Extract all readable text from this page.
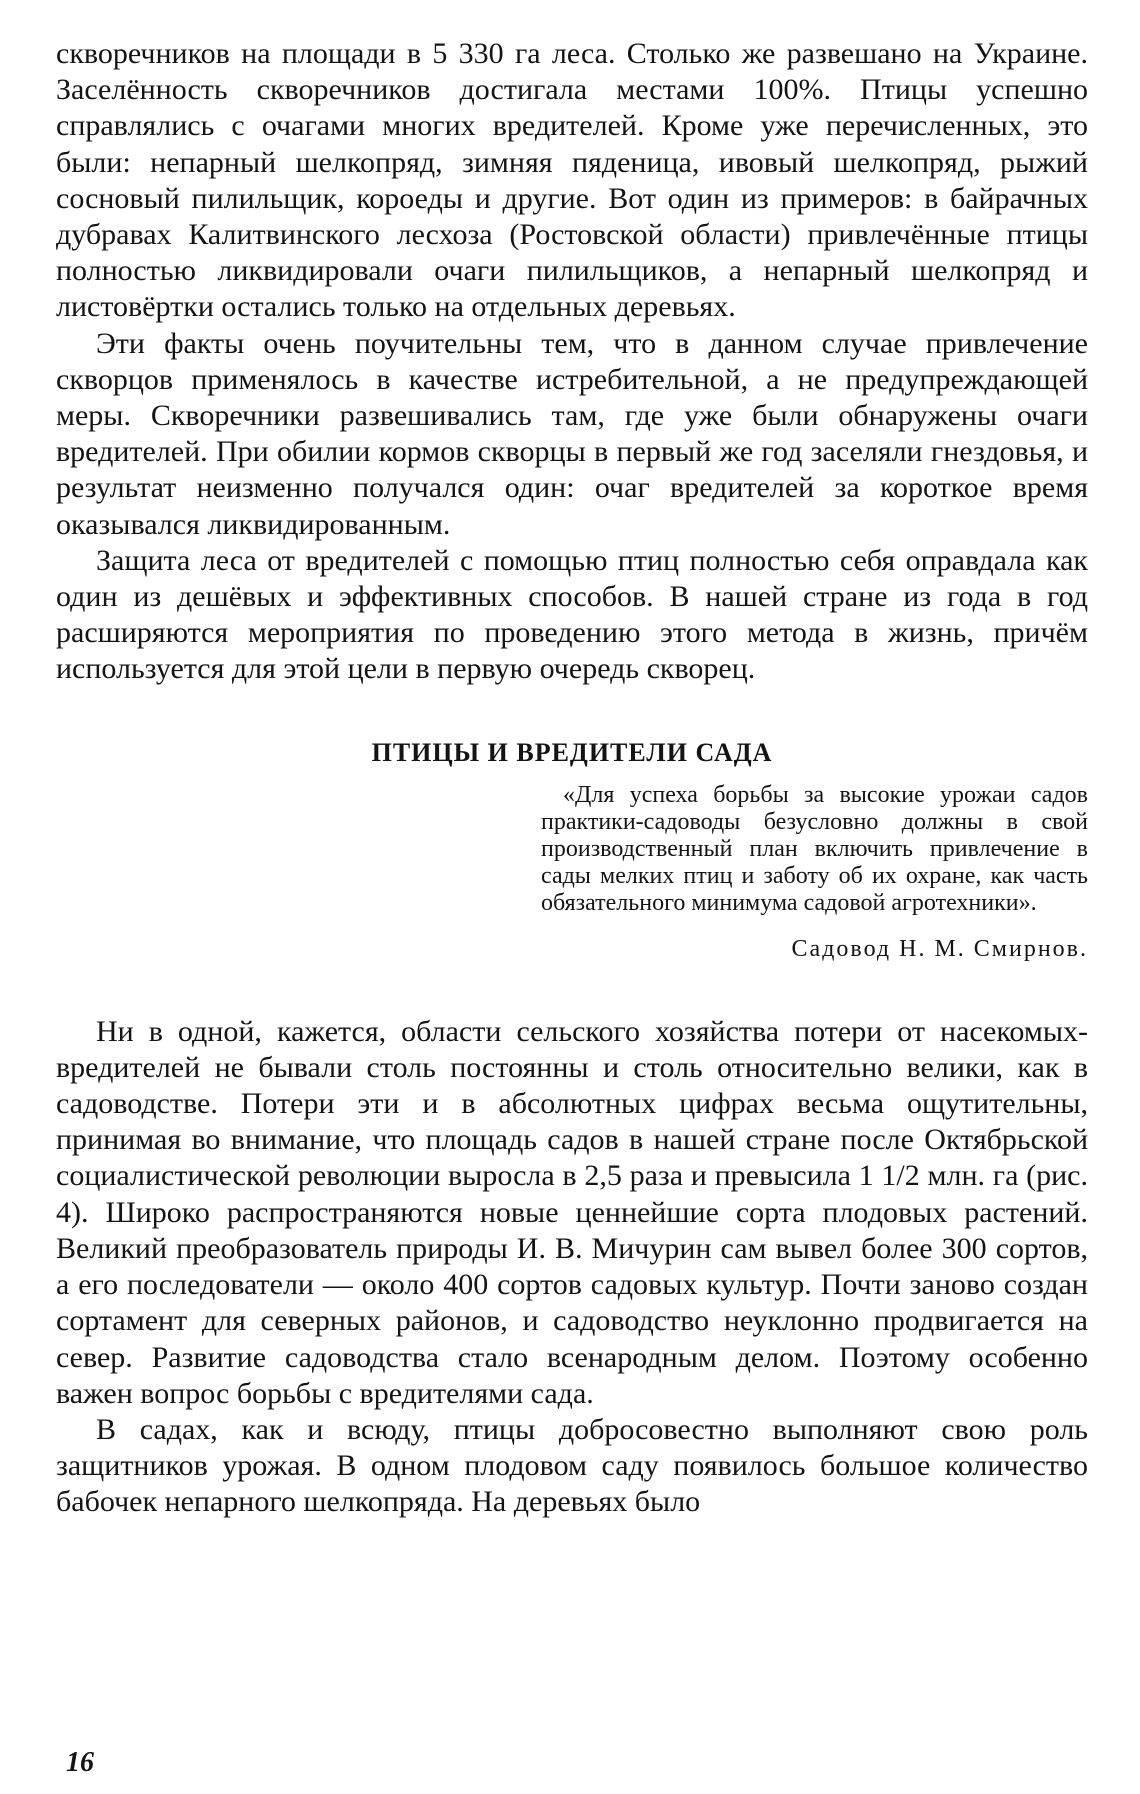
скворечников на площади в 5 330 га леса. Столько же развешано на Украине. Заселённость скворечников достигала местами 100%. Птицы успешно справлялись с очагами многих вредителей. Кроме уже перечисленных, это были: непарный шелкопряд, зимняя пяденица, ивовый шелкопряд, рыжий сосновый пилильщик, короеды и другие. Вот один из примеров: в байрачных дубравах Калитвинского лесхоза (Ростовской области) привлечённые птицы полностью ликвидировали очаги пилильщиков, а непарный шелкопряд и листовёртки остались только на отдельных деревьях.

Эти факты очень поучительны тем, что в данном случае привлечение скворцов применялось в качестве истребительной, а не предупреждающей меры. Скворечники развешивались там, где уже были обнаружены очаги вредителей. При обилии кормов скворцы в первый же год заселяли гнездовья, и результат неизменно получался один: очаг вредителей за короткое время оказывался ликвидированным.

Защита леса от вредителей с помощью птиц полностью себя оправдала как один из дешёвых и эффективных способов. В нашей стране из года в год расширяются мероприятия по проведению этого метода в жизнь, причём используется для этой цели в первую очередь скворец.

ПТИЦЫ И ВРЕДИТЕЛИ САДА

«Для успеха борьбы за высокие урожаи садов практики-садоводы безусловно должны в свой производственный план включить привлечение в сады мелких птиц и заботу об их охране, как часть обязательного минимума садовой агротехники».

Садовод Н. М. Смирнов.

Ни в одной, кажется, области сельского хозяйства потери от насекомых-вредителей не бывали столь постоянны и столь относительно велики, как в садоводстве. Потери эти и в абсолютных цифрах весьма ощутительны, принимая во внимание, что площадь садов в нашей стране после Октябрьской социалистической революции выросла в 2,5 раза и превысила 1 1/2 млн. га (рис. 4). Широко распространяются новые ценнейшие сорта плодовых растений. Великий преобразователь природы И. В. Мичурин сам вывел более 300 сортов, а его последователи — около 400 сортов садовых культур. Почти заново создан сортамент для северных районов, и садоводство неуклонно продвигается на север. Развитие садоводства стало всенародным делом. Поэтому особенно важен вопрос борьбы с вредителями сада.

В садах, как и всюду, птицы добросовестно выполняют свою роль защитников урожая. В одном плодовом саду появилось большое количество бабочек непарного шелкопряда. На деревьях было

16
